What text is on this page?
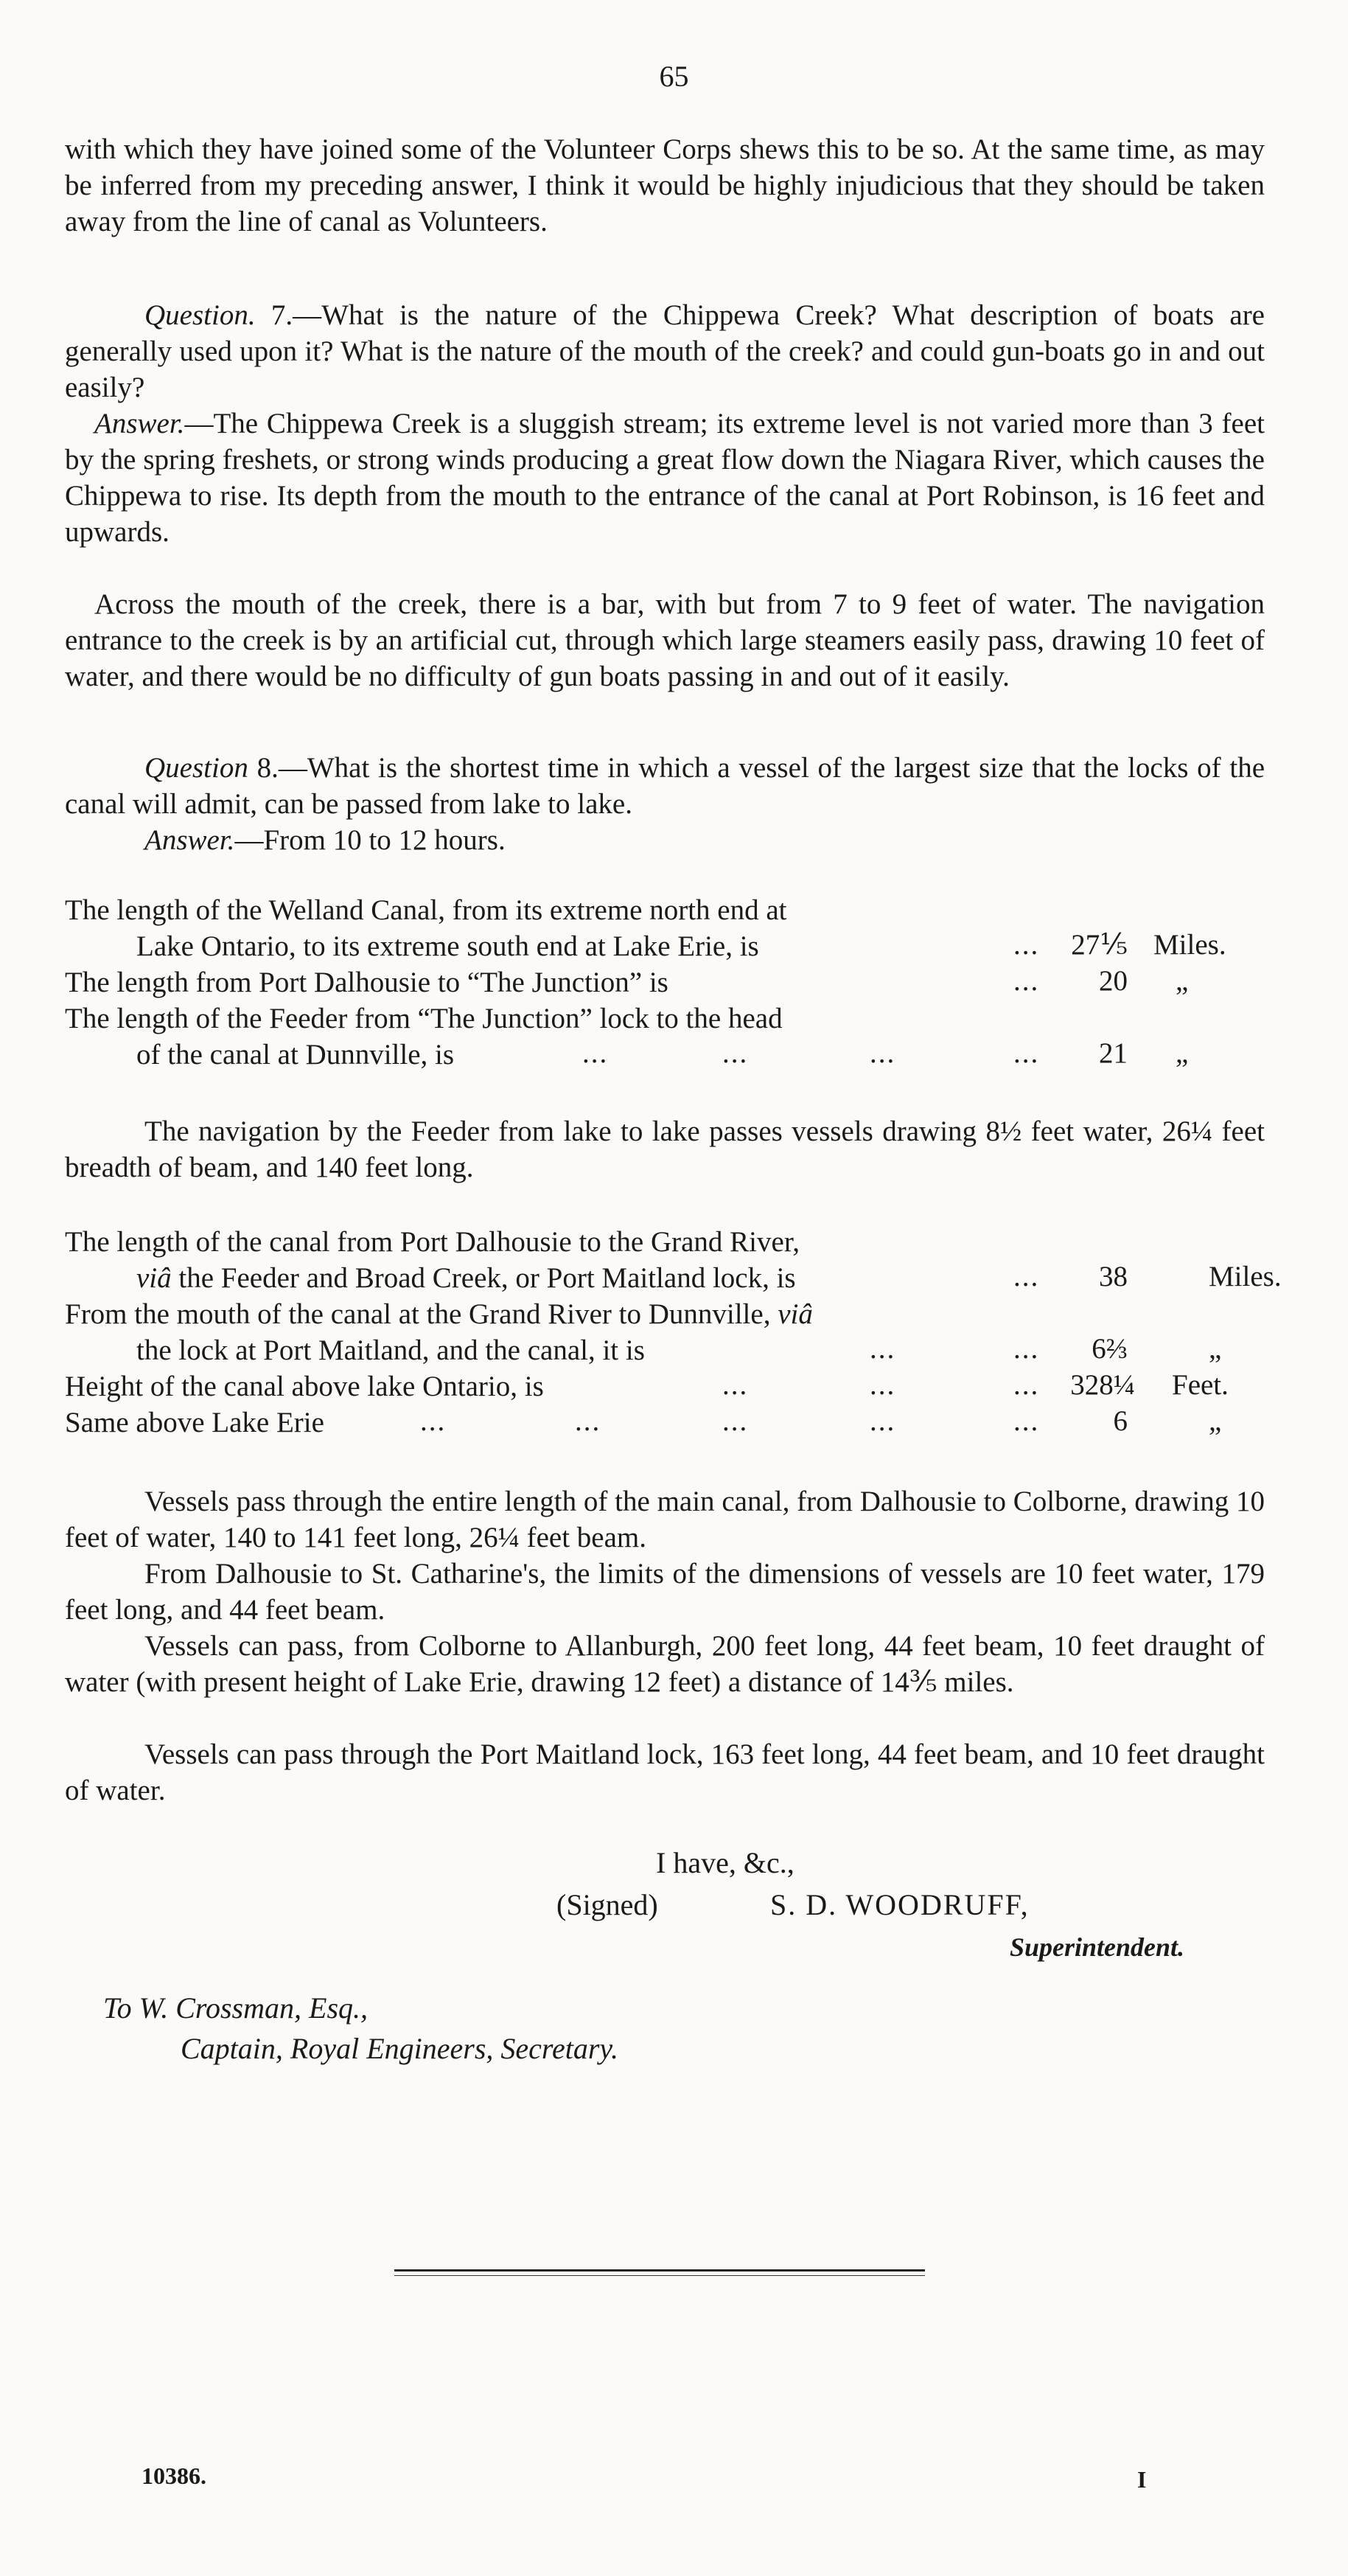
65

with which they have joined some of the Volunteer Corps shews this to be so. At the same time, as may be inferred from my preceding answer, I think it would be highly injudicious that they should be taken away from the line of canal as Volunteers.

Question. 7.—What is the nature of the Chippewa Creek? What description of boats are generally used upon it? What is the nature of the mouth of the creek? and could gun-boats go in and out easily?

Answer.—The Chippewa Creek is a sluggish stream; its extreme level is not varied more than 3 feet by the spring freshets, or strong winds producing a great flow down the Niagara River, which causes the Chippewa to rise. Its depth from the mouth to the entrance of the canal at Port Robinson, is 16 feet and upwards.

Across the mouth of the creek, there is a bar, with but from 7 to 9 feet of water. The navigation entrance to the creek is by an artificial cut, through which large steamers easily pass, drawing 10 feet of water, and there would be no difficulty of gun boats passing in and out of it easily.

Question 8.—What is the shortest time in which a vessel of the largest size that the locks of the canal will admit, can be passed from lake to lake.

Answer.—From 10 to 12 hours.

The length of the Welland Canal, from its extreme north end at
Lake Ontario, to its extreme south end at Lake Erie, is	...	27⅕ Miles.
The length from Port Dalhousie to “The Junction” is	...	20 „
The length of the Feeder from “The Junction” lock to the head
of the canal at Dunnville, is	...	...	...	...	21 „

The navigation by the Feeder from lake to lake passes vessels drawing 8½ feet water, 26¼ feet breadth of beam, and 140 feet long.

The length of the canal from Port Dalhousie to the Grand River,
viâ the Feeder and Broad Creek, or Port Maitland lock, is	...	38	Miles.
From the mouth of the canal at the Grand River to Dunnville, viâ
the lock at Port Maitland, and the canal, it is	...	...	6⅔	„
Height of the canal above lake Ontario, is	...	...	...	328¼ Feet.
Same above Lake Erie	...	...	...	...	...	6	„

Vessels pass through the entire length of the main canal, from Dalhousie to Colborne, drawing 10 feet of water, 140 to 141 feet long, 26¼ feet beam.

From Dalhousie to St. Catharine's, the limits of the dimensions of vessels are 10 feet water, 179 feet long, and 44 feet beam.

Vessels can pass, from Colborne to Allanburgh, 200 feet long, 44 feet beam, 10 feet draught of water (with present height of Lake Erie, drawing 12 feet) a distance of 14⅗ miles.

Vessels can pass through the Port Maitland lock, 163 feet long, 44 feet beam, and 10 feet draught of water.

I have, &c.,
(Signed)	S. D. WOODRUFF,
Superintendent.
To W. Crossman, Esq.,
Captain, Royal Engineers, Secretary.
10386.	I
